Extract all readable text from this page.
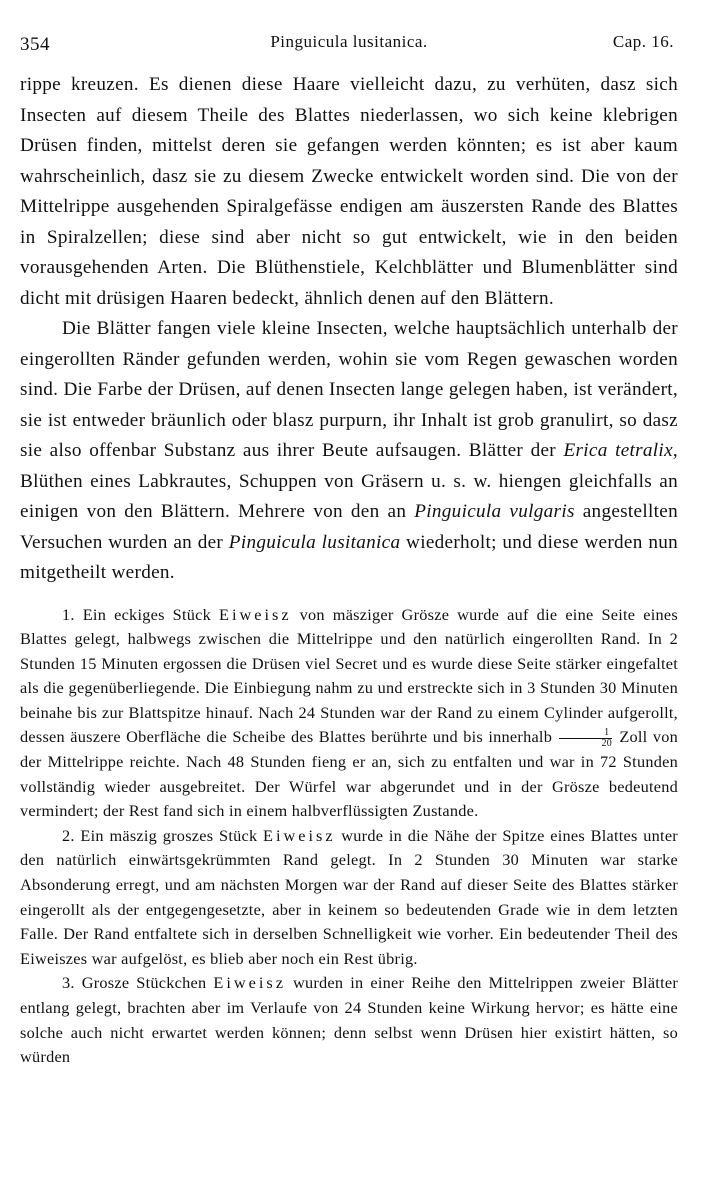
354	Pinguicula lusitanica.	Cap. 16.

rippe kreuzen. Es dienen diese Haare vielleicht dazu, zu verhüten, dasz sich Insecten auf diesem Theile des Blattes niederlassen, wo sich keine klebrigen Drüsen finden, mittelst deren sie gefangen werden könnten; es ist aber kaum wahrscheinlich, dasz sie zu diesem Zwecke entwickelt worden sind. Die von der Mittelrippe ausgehenden Spiralgefässe endigen am äuszersten Rande des Blattes in Spiralzellen; diese sind aber nicht so gut entwickelt, wie in den beiden vorausgehenden Arten. Die Blüthenstiele, Kelchblätter und Blumenblätter sind dicht mit drüsigen Haaren bedeckt, ähnlich denen auf den Blättern.

Die Blätter fangen viele kleine Insecten, welche hauptsächlich unterhalb der eingerollten Ränder gefunden werden, wohin sie vom Regen gewaschen worden sind. Die Farbe der Drüsen, auf denen Insecten lange gelegen haben, ist verändert, sie ist entweder bräunlich oder blasz purpurn, ihr Inhalt ist grob granulirt, so dasz sie also offenbar Substanz aus ihrer Beute aufsaugen. Blätter der Erica tetralix, Blüthen eines Labkrautes, Schuppen von Gräsern u. s. w. hiengen gleichfalls an einigen von den Blättern. Mehrere von den an Pinguicula vulgaris angestellten Versuchen wurden an der Pinguicula lusitanica wiederholt; und diese werden nun mitgetheilt werden.

1. Ein eckiges Stück Eiweisz von mäsziger Grösze wurde auf die eine Seite eines Blattes gelegt, halbwegs zwischen die Mittelrippe und den natürlich eingerollten Rand. In 2 Stunden 15 Minuten ergossen die Drüsen viel Secret und es wurde diese Seite stärker eingefaltet als die gegenüberliegende. Die Einbiegung nahm zu und erstreckte sich in 3 Stunden 30 Minuten beinahe bis zur Blattspitze hinauf. Nach 24 Stunden war der Rand zu einem Cylinder aufgerollt, dessen äuszere Oberfläche die Scheibe des Blattes berührte und bis innerhalb $\frac{1}{20}$ Zoll von der Mittelrippe reichte. Nach 48 Stunden fieng er an, sich zu entfalten und war in 72 Stunden vollständig wieder ausgebreitet. Der Würfel war abgerundet und in der Grösze bedeutend vermindert; der Rest fand sich in einem halbverflüssigten Zustande.

2. Ein mäszig groszes Stück Eiweisz wurde in die Nähe der Spitze eines Blattes unter den natürlich einwärtsgekrümmten Rand gelegt. In 2 Stunden 30 Minuten war starke Absonderung erregt, und am nächsten Morgen war der Rand auf dieser Seite des Blattes stärker eingerollt als der entgegengesetzte, aber in keinem so bedeutenden Grade wie in dem letzten Falle. Der Rand entfaltete sich in derselben Schnelligkeit wie vorher. Ein bedeutender Theil des Eiweiszes war aufgelöst, es blieb aber noch ein Rest übrig.

3. Grosze Stückchen Eiweisz wurden in einer Reihe den Mittelrippen zweier Blätter entlang gelegt, brachten aber im Verlaufe von 24 Stunden keine Wirkung hervor; es hätte eine solche auch nicht erwartet werden können; denn selbst wenn Drüsen hier existirt hätten, so würden
